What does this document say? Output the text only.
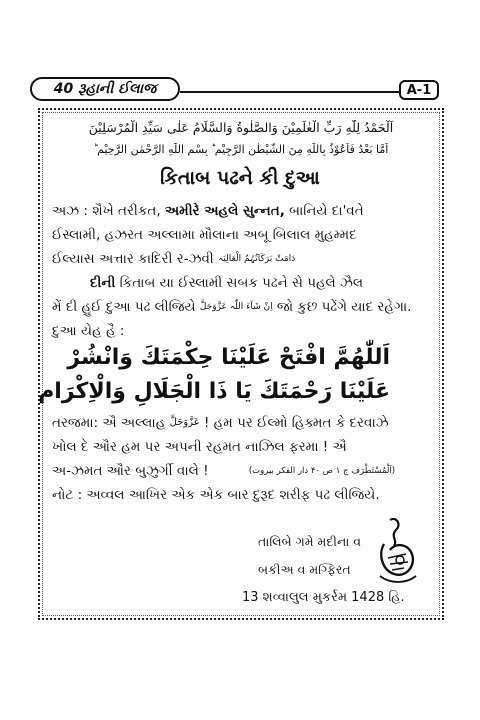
40 રૂહાની ઈલાજ	A-1
اَلْحَمْدُ لِلّٰهِ رَبِّ الْعٰلَمِيْنَ وَالصَّلٰوةُ وَالسَّلَامُ عَلٰى سَيِّدِ الْمُرْسَلِيْنَ
اَمَّا بَعْدُ فَاَعُوْذُ بِاللّٰهِ مِنَ الشَّيْطٰنِ الرَّجِيْمِ ؕ بِسْمِ اللّٰهِ الرَّحْمٰنِ الرَّحِيْمِ ؕ
કિતાબ પઢને કી દુઆ
અઝ : શૈખે તરીકત, અમીરે અહલે સુન્નત, બાનિયે દા'વતે
ઈસ્લામી, હઝરત અલ્લામા મૌલાના અબૂ બિલાલ મુહમ્મદ
ઈલ્યાસ અત્તાર કાદિરી ર-ઝવી دَامَتْ بَرَکَاتُہُمُ الْعَالِیَہ
દીની કિતાબ યા ઈસ્લામી સબક પઢને સે પહલે ઝૈલ
મેં દી હુઈ દુઆ પઢ લીજિયે اِنْ شَآءَ اللّٰہ عَزَّوَجَلَّ જો કુછ પઢેંગે યાદ રહેગા.
દુઆ યેહ હૈ :
اَللّٰهُمَّ افْتَحْ عَلَيْنَا حِكْمَتَكَ وَانْشُرْ
عَلَيْنَا رَحْمَتَكَ يَا ذَا الْجَلَالِ وَالْاِكْرَام
તરજમા: ઐ અલ્લાહ عَزَّوَجَلَّ ! હમ પર ઈલ્મો હિક્મત કે દરવાઝે
ખોલ દે ઔર હમ પર અપની રહમત નાઝિલ ફરમા ! ઐ
અ-ઝમત ઔર બુઝુર્ગી વાલે !	(اَلْمُسْتَطْرَف ج ۱ ص ۴۰ دار الفکر بیروت)
નોટ : અવ્વલ આખિર એક એક બાર દુરૂદ શરીફ પઢ લીજિયે.
તાલિબે ગમે મદીના વ
બકીઅ વ મગ્ફિરત
13 શવ્વાલુલ મુકર્રમ 1428 હિ.
